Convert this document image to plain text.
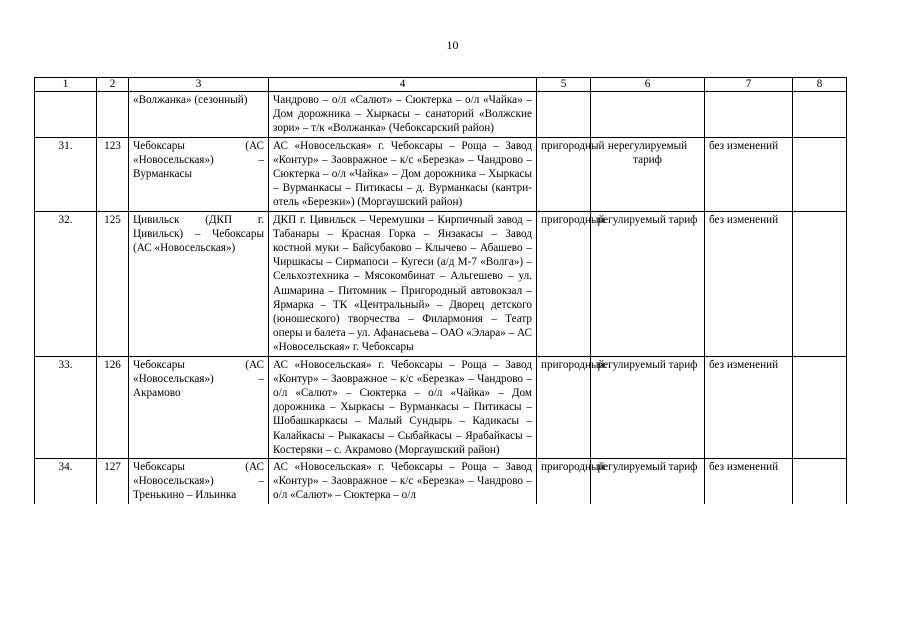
10
1	2	3	4	5	6	7	8
		«Волжанка» (сезонный)	Чандрово – о/л «Салют» – Сюктерка – о/л «Чайка» – Дом дорожника – Хыркасы – санаторий «Волжские зори» – т/к «Волжанка» (Чебоксарский район)				
31.	123	Чебоксары (АС «Новосельская») – Вурманкасы	АС «Новосельская» г. Чебоксары – Роща – Завод «Контур» – Заовражное – к/с «Березка» – Чандрово – Сюктерка – о/л «Чайка» – Дом дорожника – Хыркасы – Вурманкасы – Питикасы – д. Вурманкасы (кантри-отель «Березки») (Моргаушский район)	пригородный	нерегулируемый тариф	без изменений	
32.	125	Цивильск (ДКП г. Цивильск) – Чебоксары (АС «Новосельская»)	ДКП г. Цивильск – Черемушки – Кирпичный завод – Табанары – Красная Горка – Янзакасы – Завод костной муки – Байсубаково – Клычево – Абашево – Чиршкасы – Сирмапоси – Кугеси (а/д М-7 «Волга») – Сельхозтехника – Мясокомбинат – Альгешево – ул. Ашмарина – Питомник – Пригородный автовокзал – Ярмарка – ТК «Центральный» – Дворец детского (юношеского) творчества – Филармония – Театр оперы и балета – ул. Афанасьева – ОАО «Элара» – АС «Новосельская» г. Чебоксары	пригородный	регулируемый тариф	без изменений	
33.	126	Чебоксары (АС «Новосельская») – Акрамово	АС «Новосельская» г. Чебоксары – Роща – Завод «Контур» – Заовражное – к/с «Березка» – Чандрово – о/л «Салют» – Сюктерка – о/л «Чайка» – Дом дорожника – Хыркасы – Вурманкасы – Питикасы – Шобашкаркасы – Малый Сундырь – Кадикасы – Калайкасы – Рыкакасы – Сыбайкасы – Ярабайкасы – Костеряки – с. Акрамово (Моргаушский район)	пригородный	регулируемый тариф	без изменений	
34.	127	Чебоксары (АС «Новосельская») – Тренькино – Ильинка	АС «Новосельская» г. Чебоксары – Роща – Завод «Контур» – Заовражное – к/с «Березка» – Чандрово – о/л «Салют» – Сюктерка – о/л	пригородный	регулируемый тариф	без изменений	
